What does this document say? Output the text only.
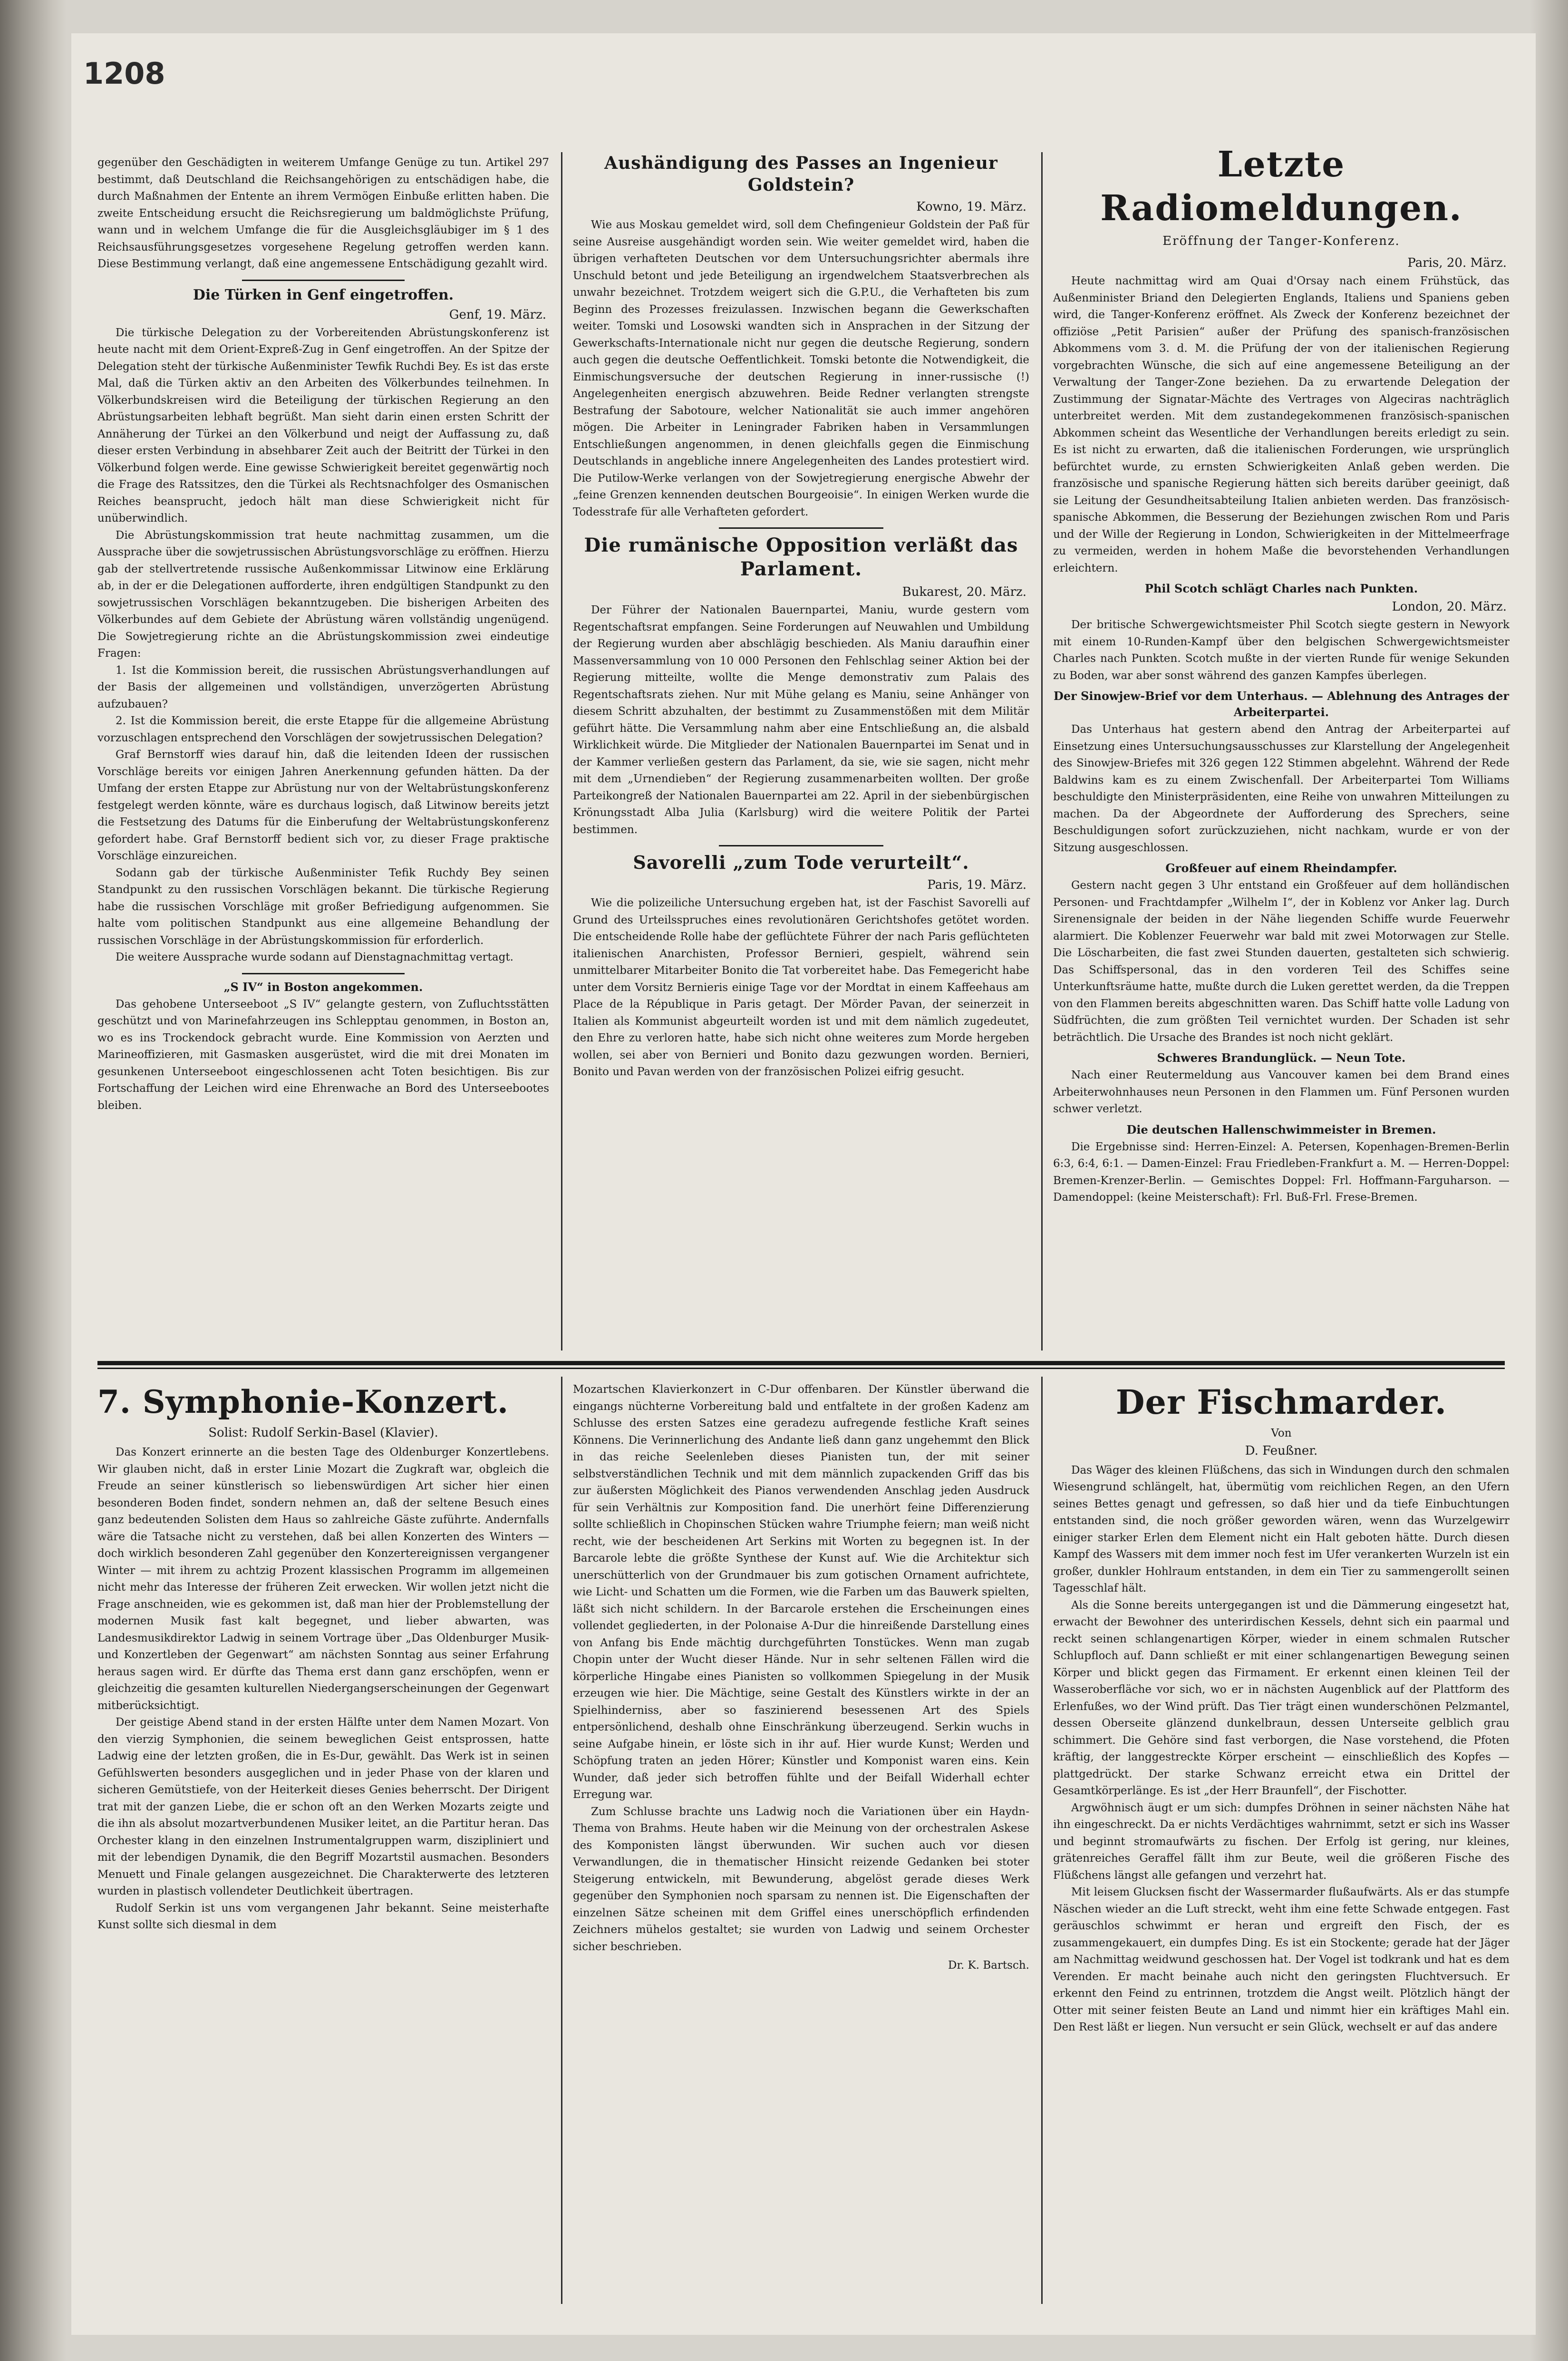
1208

gegenüber den Geschädigten in weiterem Umfange Genüge zu tun. Artikel 297 bestimmt, daß Deutschland die Reichsangehörigen zu entschädigen habe, die durch Maßnahmen der Entente an ihrem Vermögen Einbuße erlitten haben. Die zweite Entscheidung ersucht die Reichsregierung um baldmöglichste Prüfung, wann und in welchem Umfange die für die Ausgleichsgläubiger im § 1 des Reichsausführungsgesetzes vorgesehene Regelung getroffen werden kann. Diese Bestimmung verlangt, daß eine angemessene Entschädigung gezahlt wird.

Die Türken in Genf eingetroffen.
Genf, 19. März.

Die türkische Delegation zu der Vorbereitenden Abrüstungskonferenz ist heute nacht mit dem Orient-Expreß-Zug in Genf eingetroffen. An der Spitze der Delegation steht der türkische Außenminister Tewfik Ruchdi Bey. Es ist das erste Mal, daß die Türken aktiv an den Arbeiten des Völkerbundes teilnehmen. In Völkerbundskreisen wird die Beteiligung der türkischen Regierung an den Abrüstungsarbeiten lebhaft begrüßt. Man sieht darin einen ersten Schritt der Annäherung der Türkei an den Völkerbund und neigt der Auffassung zu, daß dieser ersten Verbindung in absehbarer Zeit auch der Beitritt der Türkei in den Völkerbund folgen werde. Eine gewisse Schwierigkeit bereitet gegenwärtig noch die Frage des Ratssitzes, den die Türkei als Rechtsnachfolger des Osmanischen Reiches beansprucht, jedoch hält man diese Schwierigkeit nicht für unüberwindlich.

Die Abrüstungskommission trat heute nachmittag zusammen, um die Aussprache über die sowjetrussischen Abrüstungsvorschläge zu eröffnen. Hierzu gab der stellvertretende russische Außenkommissar Litwinow eine Erklärung ab, in der er die Delegationen aufforderte, ihren endgültigen Standpunkt zu den sowjetrussischen Vorschlägen bekanntzugeben. Die bisherigen Arbeiten des Völkerbundes auf dem Gebiete der Abrüstung wären vollständig ungenügend. Die Sowjetregierung richte an die Abrüstungskommission zwei eindeutige Fragen:

1. Ist die Kommission bereit, die russischen Abrüstungsverhandlungen auf der Basis der allgemeinen und vollständigen, unverzögerten Abrüstung aufzubauen?

2. Ist die Kommission bereit, die erste Etappe für die allgemeine Abrüstung vorzuschlagen entsprechend den Vorschlägen der sowjetrussischen Delegation?

Graf Bernstorff wies darauf hin, daß die leitenden Ideen der russischen Vorschläge bereits vor einigen Jahren Anerkennung gefunden hätten. Da der Umfang der ersten Etappe zur Abrüstung nur von der Weltabrüstungskonferenz festgelegt werden könnte, wäre es durchaus logisch, daß Litwinow bereits jetzt die Festsetzung des Datums für die Einberufung der Weltabrüstungskonferenz gefordert habe. Graf Bernstorff bedient sich vor, zu dieser Frage praktische Vorschläge einzureichen.

Sodann gab der türkische Außenminister Tefik Ruchdy Bey seinen Standpunkt zu den russischen Vorschlägen bekannt. Die türkische Regierung habe die russischen Vorschläge mit großer Befriedigung aufgenommen. Sie halte vom politischen Standpunkt aus eine allgemeine Behandlung der russischen Vorschläge in der Abrüstungskommission für erforderlich.

Die weitere Aussprache wurde sodann auf Dienstagnachmittag vertagt.

„S IV“ in Boston angekommen.

Das gehobene Unterseeboot „S IV“ gelangte gestern, von Zufluchtsstätten geschützt und von Marinefahrzeugen ins Schlepptau genommen, in Boston an, wo es ins Trockendock gebracht wurde. Eine Kommission von Aerzten und Marineoffizieren, mit Gasmasken ausgerüstet, wird die mit drei Monaten im gesunkenen Unterseeboot eingeschlossenen acht Toten besichtigen. Bis zur Fortschaffung der Leichen wird eine Ehrenwache an Bord des Unterseebootes bleiben.

Aushändigung des Passes an Ingenieur Goldstein?
Kowno, 19. März.

Wie aus Moskau gemeldet wird, soll dem Chefingenieur Goldstein der Paß für seine Ausreise ausgehändigt worden sein. Wie weiter gemeldet wird, haben die übrigen verhafteten Deutschen vor dem Untersuchungsrichter abermals ihre Unschuld betont und jede Beteiligung an irgendwelchem Staatsverbrechen als unwahr bezeichnet. Trotzdem weigert sich die G.P.U., die Verhafteten bis zum Beginn des Prozesses freizulassen. Inzwischen begann die Gewerkschaften weiter. Tomski und Losowski wandten sich in Ansprachen in der Sitzung der Gewerkschafts-Internationale nicht nur gegen die deutsche Regierung, sondern auch gegen die deutsche Oeffentlichkeit. Tomski betonte die Notwendigkeit, die Einmischungsversuche der deutschen Regierung in inner-russische (!) Angelegenheiten energisch abzuwehren. Beide Redner verlangten strengste Bestrafung der Sabotoure, welcher Nationalität sie auch immer angehören mögen. Die Arbeiter in Leningrader Fabriken haben in Versammlungen Entschließungen angenommen, in denen gleichfalls gegen die Einmischung Deutschlands in angebliche innere Angelegenheiten des Landes protestiert wird. Die Putilow-Werke verlangen von der Sowjetregierung energische Abwehr der „feine Grenzen kennenden deutschen Bourgeoisie“. In einigen Werken wurde die Todesstrafe für alle Verhafteten gefordert.

Die rumänische Opposition verläßt das Parlament.
Bukarest, 20. März.

Der Führer der Nationalen Bauernpartei, Maniu, wurde gestern vom Regentschaftsrat empfangen. Seine Forderungen auf Neuwahlen und Umbildung der Regierung wurden aber abschlägig beschieden. Als Maniu daraufhin einer Massenversammlung von 10 000 Personen den Fehlschlag seiner Aktion bei der Regierung mitteilte, wollte die Menge demonstrativ zum Palais des Regentschaftsrats ziehen. Nur mit Mühe gelang es Maniu, seine Anhänger von diesem Schritt abzuhalten, der bestimmt zu Zusammenstößen mit dem Militär geführt hätte. Die Versammlung nahm aber eine Entschließung an, die alsbald Wirklichkeit würde. Die Mitglieder der Nationalen Bauernpartei im Senat und in der Kammer verließen gestern das Parlament, da sie, wie sie sagen, nicht mehr mit dem „Urnendieben“ der Regierung zusammenarbeiten wollten. Der große Parteikongreß der Nationalen Bauernpartei am 22. April in der siebenbürgischen Krönungsstadt Alba Julia (Karlsburg) wird die weitere Politik der Partei bestimmen.

Savorelli „zum Tode verurteilt“.
Paris, 19. März.

Wie die polizeiliche Untersuchung ergeben hat, ist der Faschist Savorelli auf Grund des Urteilsspruches eines revolutionären Gerichtshofes getötet worden. Die entscheidende Rolle habe der geflüchtete Führer der nach Paris geflüchteten italienischen Anarchisten, Professor Bernieri, gespielt, während sein unmittelbarer Mitarbeiter Bonito die Tat vorbereitet habe. Das Femegericht habe unter dem Vorsitz Bernieris einige Tage vor der Mordtat in einem Kaffeehaus am Place de la République in Paris getagt. Der Mörder Pavan, der seinerzeit in Italien als Kommunist abgeurteilt worden ist und mit dem nämlich zugedeutet, den Ehre zu verloren hatte, habe sich nicht ohne weiteres zum Morde hergeben wollen, sei aber von Bernieri und Bonito dazu gezwungen worden. Bernieri, Bonito und Pavan werden von der französischen Polizei eifrig gesucht.

Letzte Radiomeldungen.
Eröffnung der Tanger-Konferenz.
Paris, 20. März.

Heute nachmittag wird am Quai d'Orsay nach einem Frühstück, das Außenminister Briand den Delegierten Englands, Italiens und Spaniens geben wird, die Tanger-Konferenz eröffnet. Als Zweck der Konferenz bezeichnet der offiziöse „Petit Parisien“ außer der Prüfung des spanisch-französischen Abkommens vom 3. d. M. die Prüfung der von der italienischen Regierung vorgebrachten Wünsche, die sich auf eine angemessene Beteiligung an der Verwaltung der Tanger-Zone beziehen. Da zu erwartende Delegation der Zustimmung der Signatar-Mächte des Vertrages von Algeciras nachträglich unterbreitet werden. Mit dem zustandegekommenen französisch-spanischen Abkommen scheint das Wesentliche der Verhandlungen bereits erledigt zu sein. Es ist nicht zu erwarten, daß die italienischen Forderungen, wie ursprünglich befürchtet wurde, zu ernsten Schwierigkeiten Anlaß geben werden. Die französische und spanische Regierung hätten sich bereits darüber geeinigt, daß sie Leitung der Gesundheitsabteilung Italien anbieten werden. Das französisch-spanische Abkommen, die Besserung der Beziehungen zwischen Rom und Paris und der Wille der Regierung in London, Schwierigkeiten in der Mittelmeerfrage zu vermeiden, werden in hohem Maße die bevorstehenden Verhandlungen erleichtern.

Phil Scotch schlägt Charles nach Punkten.
London, 20. März.

Der britische Schwergewichtsmeister Phil Scotch siegte gestern in Newyork mit einem 10-Runden-Kampf über den belgischen Schwergewichtsmeister Charles nach Punkten. Scotch mußte in der vierten Runde für wenige Sekunden zu Boden, war aber sonst während des ganzen Kampfes überlegen.

Der Sinowjew-Brief vor dem Unterhaus. — Ablehnung des Antrages der Arbeiterpartei.

Das Unterhaus hat gestern abend den Antrag der Arbeiterpartei auf Einsetzung eines Untersuchungsausschusses zur Klarstellung der Angelegenheit des Sinowjew-Briefes mit 326 gegen 122 Stimmen abgelehnt. Während der Rede Baldwins kam es zu einem Zwischenfall. Der Arbeiterpartei Tom Williams beschuldigte den Ministerpräsidenten, eine Reihe von unwahren Mitteilungen zu machen. Da der Abgeordnete der Aufforderung des Sprechers, seine Beschuldigungen sofort zurückzuziehen, nicht nachkam, wurde er von der Sitzung ausgeschlossen.

Großfeuer auf einem Rheindampfer.

Gestern nacht gegen 3 Uhr entstand ein Großfeuer auf dem holländischen Personen- und Frachtdampfer „Wilhelm I“, der in Koblenz vor Anker lag. Durch Sirenensignale der beiden in der Nähe liegenden Schiffe wurde Feuerwehr alarmiert. Die Koblenzer Feuerwehr war bald mit zwei Motorwagen zur Stelle. Die Löscharbeiten, die fast zwei Stunden dauerten, gestalteten sich schwierig. Das Schiffspersonal, das in den vorderen Teil des Schiffes seine Unterkunftsräume hatte, mußte durch die Luken gerettet werden, da die Treppen von den Flammen bereits abgeschnitten waren. Das Schiff hatte volle Ladung von Südfrüchten, die zum größten Teil vernichtet wurden. Der Schaden ist sehr beträchtlich. Die Ursache des Brandes ist noch nicht geklärt.

Schweres Brandunglück. — Neun Tote.

Nach einer Reutermeldung aus Vancouver kamen bei dem Brand eines Arbeiterwohnhauses neun Personen in den Flammen um. Fünf Personen wurden schwer verletzt.

Die deutschen Hallenschwimmeister in Bremen.

Die Ergebnisse sind: Herren-Einzel: A. Petersen, Kopenhagen-Bremen-Berlin 6:3, 6:4, 6:1. — Damen-Einzel: Frau Friedleben-Frankfurt a. M. — Herren-Doppel: Bremen-Krenzer-Berlin. — Gemischtes Doppel: Frl. Hoffmann-Farguharson. — Damendoppel: (keine Meisterschaft): Frl. Buß-Frl. Frese-Bremen.

7. Symphonie-Konzert.
Solist: Rudolf Serkin-Basel (Klavier).

Das Konzert erinnerte an die besten Tage des Oldenburger Konzertlebens. Wir glauben nicht, daß in erster Linie Mozart die Zugkraft war, obgleich die Freude an seiner künstlerisch so liebenswürdigen Art sicher hier einen besonderen Boden findet, sondern nehmen an, daß der seltene Besuch eines ganz bedeutenden Solisten dem Haus so zahlreiche Gäste zuführte. Andernfalls wäre die Tatsache nicht zu verstehen, daß bei allen Konzerten des Winters — doch wirklich besonderen Zahl gegenüber den Konzertereignissen vergangener Winter — mit ihrem zu achtzig Prozent klassischen Programm im allgemeinen nicht mehr das Interesse der früheren Zeit erwecken. Wir wollen jetzt nicht die Frage anschneiden, wie es gekommen ist, daß man hier der Problemstellung der modernen Musik fast kalt begegnet, und lieber abwarten, was Landesmusikdirektor Ladwig in seinem Vortrage über „Das Oldenburger Musik- und Konzertleben der Gegenwart“ am nächsten Sonntag aus seiner Erfahrung heraus sagen wird. Er dürfte das Thema erst dann ganz erschöpfen, wenn er gleichzeitig die gesamten kulturellen Niedergangserscheinungen der Gegenwart mitberücksichtigt.

Der geistige Abend stand in der ersten Hälfte unter dem Namen Mozart. Von den vierzig Symphonien, die seinem beweglichen Geist entsprossen, hatte Ladwig eine der letzten großen, die in Es-Dur, gewählt. Das Werk ist in seinen Gefühlswerten besonders ausgeglichen und in jeder Phase von der klaren und sicheren Gemütstiefe, von der Heiterkeit dieses Genies beherrscht. Der Dirigent trat mit der ganzen Liebe, die er schon oft an den Werken Mozarts zeigte und die ihn als absolut mozartverbundenen Musiker leitet, an die Partitur heran. Das Orchester klang in den einzelnen Instrumentalgruppen warm, diszipliniert und mit der lebendigen Dynamik, die den Begriff Mozartstil ausmachen. Besonders Menuett und Finale gelangen ausgezeichnet. Die Charakterwerte des letzteren wurden in plastisch vollendeter Deutlichkeit übertragen.

Rudolf Serkin ist uns vom vergangenen Jahr bekannt. Seine meisterhafte Kunst sollte sich diesmal in dem

Mozartschen Klavierkonzert in C-Dur offenbaren. Der Künstler überwand die eingangs nüchterne Vorbereitung bald und entfaltete in der großen Kadenz am Schlusse des ersten Satzes eine geradezu aufregende festliche Kraft seines Könnens. Die Verinnerlichung des Andante ließ dann ganz ungehemmt den Blick in das reiche Seelenleben dieses Pianisten tun, der mit seiner selbstverständlichen Technik und mit dem männlich zupackenden Griff das bis zur äußersten Möglichkeit des Pianos verwendenden Anschlag jeden Ausdruck für sein Verhältnis zur Komposition fand. Die unerhört feine Differenzierung sollte schließlich in Chopinschen Stücken wahre Triumphe feiern; man weiß nicht recht, wie der bescheidenen Art Serkins mit Worten zu begegnen ist. In der Barcarole lebte die größte Synthese der Kunst auf. Wie die Architektur sich unerschütterlich von der Grundmauer bis zum gotischen Ornament aufrichtete, wie Licht- und Schatten um die Formen, wie die Farben um das Bauwerk spielten, läßt sich nicht schildern. In der Barcarole erstehen die Erscheinungen eines vollendet gegliederten, in der Polonaise A-Dur die hinreißende Darstellung eines von Anfang bis Ende mächtig durchgeführten Tonstückes. Wenn man zugab Chopin unter der Wucht dieser Hände. Nur in sehr seltenen Fällen wird die körperliche Hingabe eines Pianisten so vollkommen Spiegelung in der Musik erzeugen wie hier. Die Mächtige, seine Gestalt des Künstlers wirkte in der an Spielhinderniss, aber so faszinierend besessenen Art des Spiels entpersönlichend, deshalb ohne Einschränkung überzeugend. Serkin wuchs in seine Aufgabe hinein, er löste sich in ihr auf. Hier wurde Kunst; Werden und Schöpfung traten an jeden Hörer; Künstler und Komponist waren eins. Kein Wunder, daß jeder sich betroffen fühlte und der Beifall Widerhall echter Erregung war.

Zum Schlusse brachte uns Ladwig noch die Variationen über ein Haydn-Thema von Brahms. Heute haben wir die Meinung von der orchestralen Askese des Komponisten längst überwunden. Wir suchen auch vor diesen Verwandlungen, die in thematischer Hinsicht reizende Gedanken bei stoter Steigerung entwickeln, mit Bewunderung, abgelöst gerade dieses Werk gegenüber den Symphonien noch sparsam zu nennen ist. Die Eigenschaften der einzelnen Sätze scheinen mit dem Griffel eines unerschöpflich erfindenden Zeichners mühelos gestaltet; sie wurden von Ladwig und seinem Orchester sicher beschrieben.

Dr. K. Bartsch.
Der Fischmarder.
Von
D. Feußner.

Das Wäger des kleinen Flüßchens, das sich in Windungen durch den schmalen Wiesengrund schlängelt, hat, übermütig vom reichlichen Regen, an den Ufern seines Bettes genagt und gefressen, so daß hier und da tiefe Einbuchtungen entstanden sind, die noch größer geworden wären, wenn das Wurzelgewirr einiger starker Erlen dem Element nicht ein Halt geboten hätte. Durch diesen Kampf des Wassers mit dem immer noch fest im Ufer verankerten Wurzeln ist ein großer, dunkler Hohlraum entstanden, in dem ein Tier zu sammengerollt seinen Tagesschlaf hält.

Als die Sonne bereits untergegangen ist und die Dämmerung eingesetzt hat, erwacht der Bewohner des unterirdischen Kessels, dehnt sich ein paarmal und reckt seinen schlangenartigen Körper, wieder in einem schmalen Rutscher Schlupfloch auf. Dann schließt er mit einer schlangenartigen Bewegung seinen Körper und blickt gegen das Firmament. Er erkennt einen kleinen Teil der Wasseroberfläche vor sich, wo er in nächsten Augenblick auf der Plattform des Erlenfußes, wo der Wind prüft. Das Tier trägt einen wunderschönen Pelzmantel, dessen Oberseite glänzend dunkelbraun, dessen Unterseite gelblich grau schimmert. Die Gehöre sind fast verborgen, die Nase vorstehend, die Pfoten kräftig, der langgestreckte Körper erscheint — einschließlich des Kopfes — plattgedrückt. Der starke Schwanz erreicht etwa ein Drittel der Gesamtkörperlänge. Es ist „der Herr Braunfell“, der Fischotter.

Argwöhnisch äugt er um sich: dumpfes Dröhnen in seiner nächsten Nähe hat ihn eingeschreckt. Da er nichts Verdächtiges wahrnimmt, setzt er sich ins Wasser und beginnt stromaufwärts zu fischen. Der Erfolg ist gering, nur kleines, grätenreiches Geraffel fällt ihm zur Beute, weil die größeren Fische des Flüßchens längst alle gefangen und verzehrt hat.

Mit leisem Glucksen fischt der Wassermarder flußaufwärts. Als er das stumpfe Näschen wieder an die Luft streckt, weht ihm eine fette Schwade entgegen. Fast geräuschlos schwimmt er heran und ergreift den Fisch, der es zusammengekauert, ein dumpfes Ding. Es ist ein Stockente; gerade hat der Jäger am Nachmittag weidwund geschossen hat. Der Vogel ist todkrank und hat es dem Verenden. Er macht beinahe auch nicht den geringsten Fluchtversuch. Er erkennt den Feind zu entrinnen, trotzdem die Angst weilt. Plötzlich hängt der Otter mit seiner feisten Beute an Land und nimmt hier ein kräftiges Mahl ein. Den Rest läßt er liegen. Nun versucht er sein Glück, wechselt er auf das andere
